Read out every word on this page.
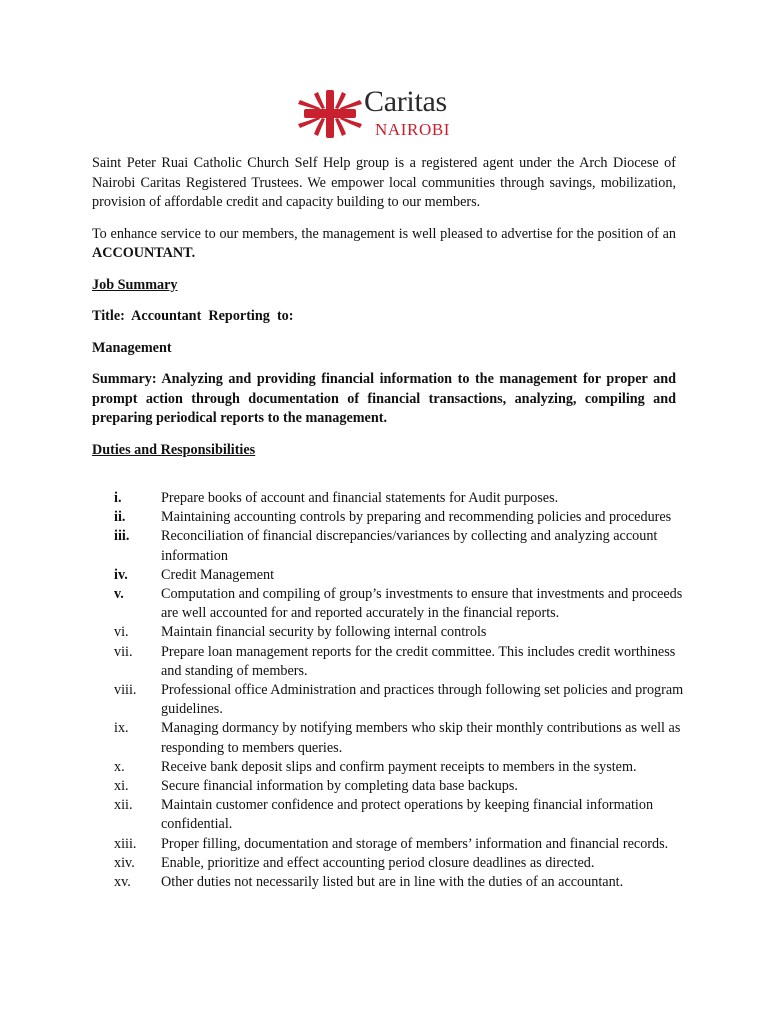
Caritas
NAIROBI

Saint Peter Ruai Catholic Church Self Help group is a registered agent under the Arch Diocese of Nairobi Caritas Registered Trustees. We empower local communities through savings, mobilization, provision of affordable credit and capacity building to our members.

To enhance service to our members, the management is well pleased to advertise for the position of an ACCOUNTANT.

Job Summary
Title:  Accountant  Reporting  to:
Management
Summary: Analyzing and providing financial information to the management for proper and prompt action through documentation of financial transactions, analyzing, compiling and preparing periodical reports to the management.
Duties and Responsibilities
i.	Prepare books of account and financial statements for Audit purposes.
ii.	Maintaining accounting controls by preparing and recommending policies and procedures
iii.	Reconciliation of financial discrepancies/variances by collecting and analyzing account information
iv.	Credit Management
v.	Computation and compiling of group’s investments to ensure that investments and proceeds are well accounted for and reported accurately in the financial reports.
vi.	Maintain financial security by following internal controls
vii.	Prepare loan management reports for the credit committee. This includes credit worthiness and standing of members.
viii.	Professional office Administration and practices through following set policies and program guidelines.
ix.	Managing dormancy by notifying members who skip their monthly contributions as well as responding to members queries.
x.	Receive bank deposit slips and confirm payment receipts to members in the system.
xi.	Secure financial information by completing data base backups.
xii.	Maintain customer confidence and protect operations by keeping financial information confidential.
xiii.	Proper filling, documentation and storage of members’ information and financial records.
xiv.	Enable, prioritize and effect accounting period closure deadlines as directed.
xv.	Other duties not necessarily listed but are in line with the duties of an accountant.
